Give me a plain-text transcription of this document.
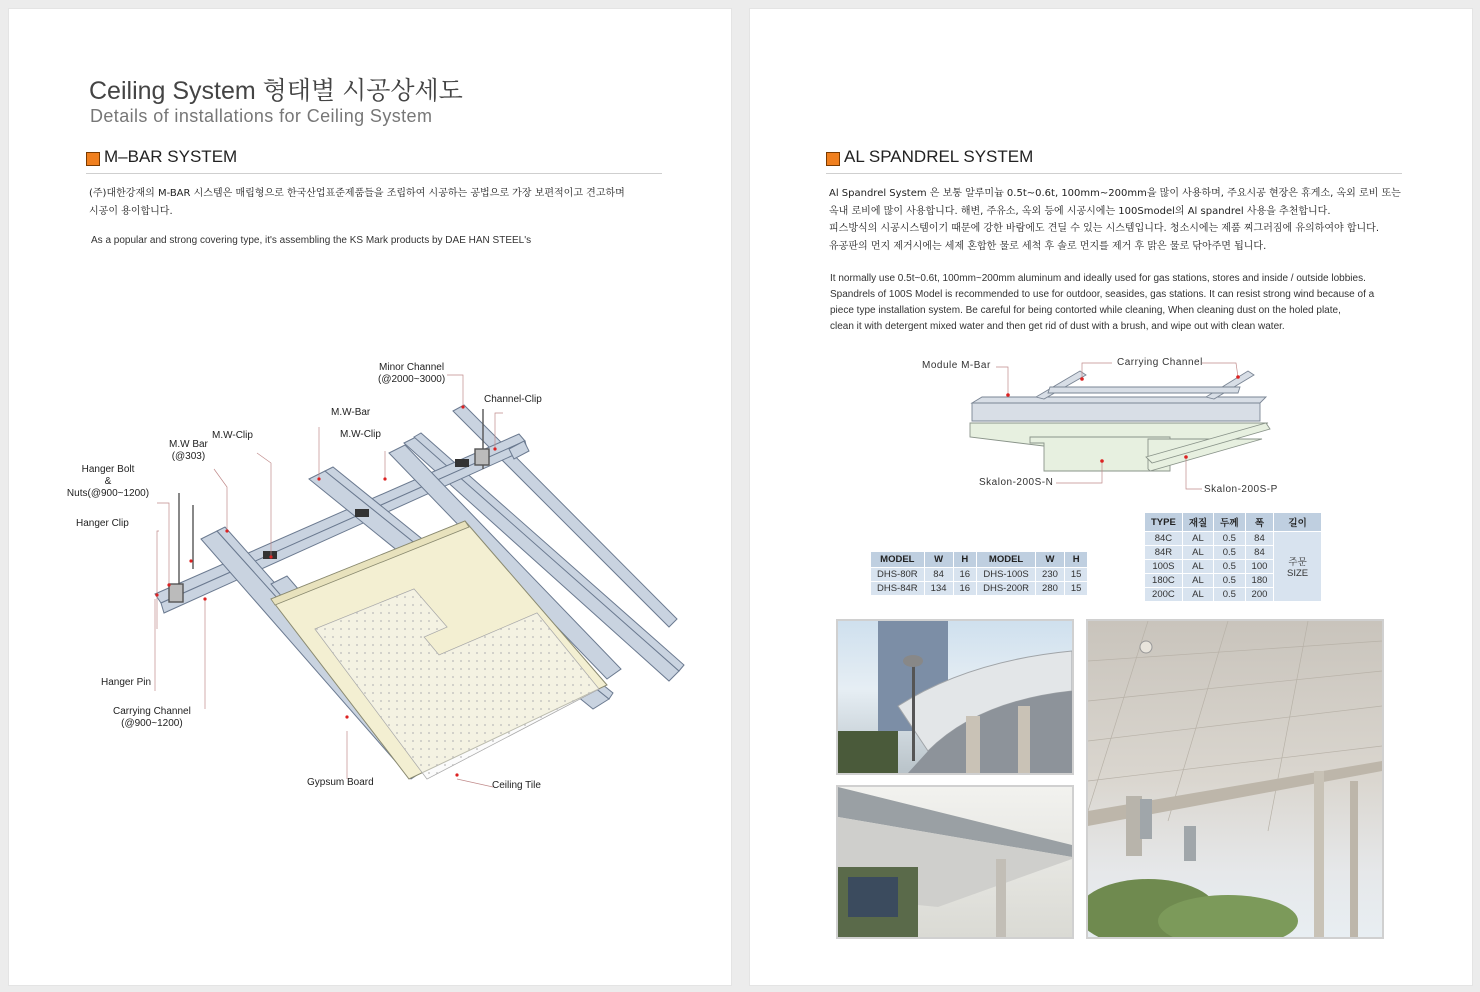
Ceiling System 형태별 시공상세도
Details of installations for Ceiling System
M–BAR SYSTEM
(주)대한강재의 M-BAR 시스템은 매립형으로 한국산업표준제품들을 조립하여 시공하는 공법으로 가장 보편적이고 견고하며
시공이 용이합니다.
As a popular and strong covering type, it's assembling the KS Mark products by DAE HAN STEEL's
Minor Channel
(@2000~3000)
Channel-Clip
M.W-Bar
M.W-Clip
M.W-Clip
M.W Bar
(@303)
Hanger Bolt
&
Nuts(@900~1200)
Hanger Clip
Hanger Pin
Carrying Channel
(@900~1200)
Gypsum Board	Ceiling Tile
AL SPANDREL SYSTEM
Al Spandrel System 은 보통 알루미늄 0.5t~0.6t, 100mm~200mm을 많이 사용하며, 주요시공 현장은 휴게소, 옥외 로비 또는
옥내 로비에 많이 사용합니다. 해변, 주유소, 옥외 등에 시공시에는 100Smodel의 Al spandrel 사용을 추천합니다.
피스방식의 시공시스템이기 때문에 강한 바람에도 견딜 수 있는 시스템입니다. 청소시에는 제품 찌그러짐에 유의하여야 합니다.
유공판의 먼지 제거시에는 세제 혼합한 물로 세척 후 솔로 먼지를 제거 후 맑은 물로 닦아주면 됩니다.
It normally use 0.5t~0.6t, 100mm~200mm aluminum and ideally used for gas stations, stores and inside / outside lobbies.
Spandrels of 100S Model is recommended to use for outdoor, seasides, gas stations. It can resist strong wind because of a
piece type installation system. Be careful for being contorted while cleaning, When cleaning dust on the holed plate,
clean it with detergent mixed water and then get rid of dust with a brush, and wipe out with clean water.
Module M-Bar	Carrying Channel
Skalon-200S-N
Skalon-200S-P
MODEL	W	H	MODEL	W	H
DHS-80R	84	16	DHS-100S	230	15
DHS-84R	134	16	DHS-200R	280	15
TYPE	재질	두께	폭	길이
84C	AL	0.5	84	주문
SIZE

84R	AL	0.5	84	
100S	AL	0.5	100	
180C	AL	0.5	180	
200C	AL	0.5	200	
